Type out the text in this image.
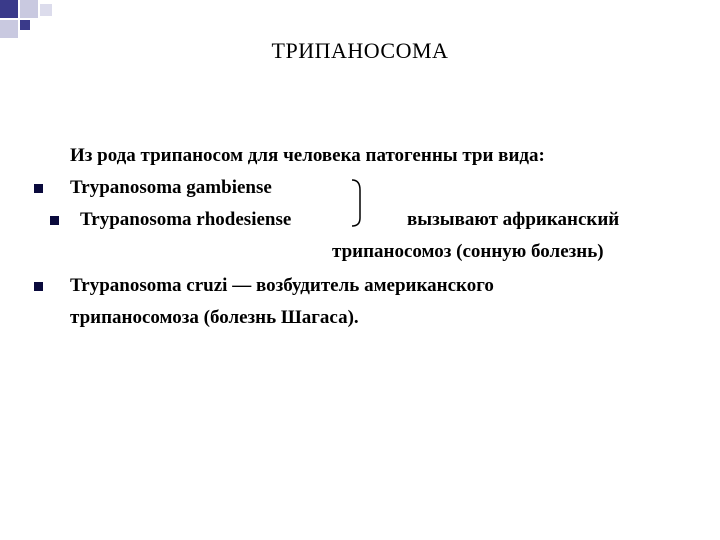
ТРИПАНОСОМА
Из рода трипаносом для человека патогенны три вида:
Trypanosoma gambiense
Trypanosoma rhodesiense	вызывают африканский
трипаносомоз (сонную болезнь)
Trypanosoma cruzi — возбудитель американского
трипаносомоза (болезнь Шагаса).
